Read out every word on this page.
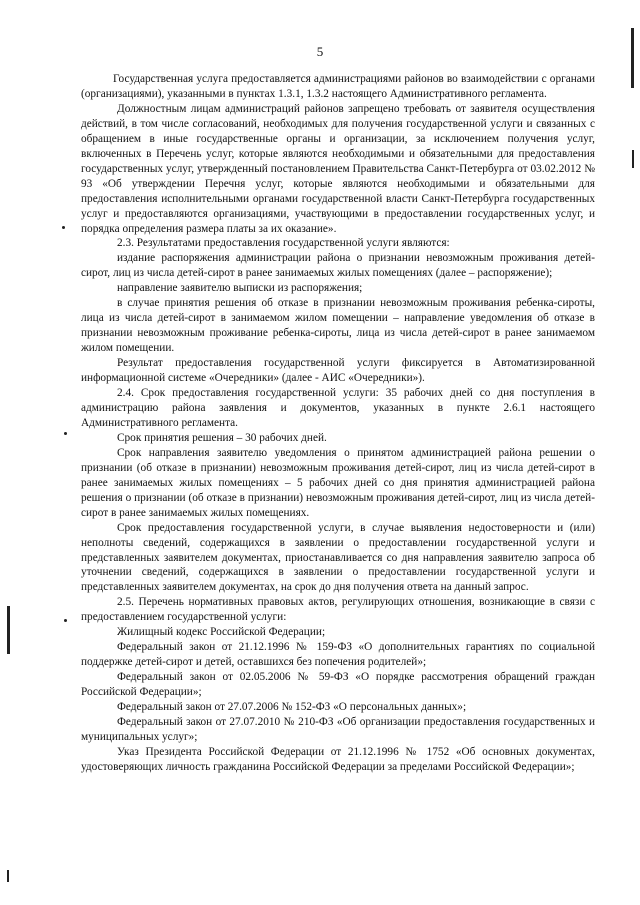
5

Государственная услуга предоставляется администрациями районов во взаимодействии с органами (организациями), указанными в пунктах 1.3.1, 1.3.2 настоящего Административного регламента.

Должностным лицам администраций районов запрещено требовать от заявителя осуществления действий, в том числе согласований, необходимых для получения государственной услуги и связанных с обращением в иные государственные органы и организации, за исключением получения услуг, включенных в Перечень услуг, которые являются необходимыми и обязательными для предоставления государственных услуг, утвержденный постановлением Правительства Санкт-Петербурга от 03.02.2012 № 93 «Об утверждении Перечня услуг, которые являются необходимыми и обязательными для предоставления исполнительными органами государственной власти Санкт-Петербурга государственных услуг и предоставляются организациями, участвующими в предоставлении государственных услуг, и порядка определения размера платы за их оказание».

2.3. Результатами предоставления государственной услуги являются:

издание распоряжения администрации района о признании невозможным проживания детей-сирот, лиц из числа детей-сирот в ранее занимаемых жилых помещениях (далее – распоряжение);

направление заявителю выписки из распоряжения;

в случае принятия решения об отказе в признании невозможным проживания ребенка-сироты, лица из числа детей-сирот в занимаемом жилом помещении – направление уведомления об отказе в признании невозможным проживание ребенка-сироты, лица из числа детей-сирот в ранее занимаемом жилом помещении.

Результат предоставления государственной услуги фиксируется в Автоматизированной информационной системе «Очередники» (далее - АИС «Очередники»).

2.4. Срок предоставления государственной услуги: 35 рабочих дней со дня поступления в администрацию района заявления и документов, указанных в пункте 2.6.1 настоящего Административного регламента.

Срок принятия решения – 30 рабочих дней.

Срок направления заявителю уведомления о принятом администрацией района решении о признании (об отказе в признании) невозможным проживания детей-сирот, лиц из числа детей-сирот в ранее занимаемых жилых помещениях – 5 рабочих дней со дня принятия администрацией района решения о признании (об отказе в признании) невозможным проживания детей-сирот, лиц из числа детей-сирот в ранее занимаемых жилых помещениях.

Срок предоставления государственной услуги, в случае выявления недостоверности и (или) неполноты сведений, содержащихся в заявлении о предоставлении государственной услуги и представленных заявителем документах, приостанавливается со дня направления заявителю запроса об уточнении сведений, содержащихся в заявлении о предоставлении государственной услуги и представленных заявителем документах, на срок до дня получения ответа на данный запрос.

2.5. Перечень нормативных правовых актов, регулирующих отношения, возникающие в связи с предоставлением государственной услуги:

Жилищный кодекс Российской Федерации;

Федеральный закон от 21.12.1996 № 159-ФЗ «О дополнительных гарантиях по социальной поддержке детей-сирот и детей, оставшихся без попечения родителей»;

Федеральный закон от 02.05.2006 № 59-ФЗ «О порядке рассмотрения обращений граждан Российской Федерации»;

Федеральный закон от 27.07.2006 № 152-ФЗ «О персональных данных»;

Федеральный закон от 27.07.2010 № 210-ФЗ «Об организации предоставления государственных и муниципальных услуг»;

Указ Президента Российской Федерации от 21.12.1996 № 1752 «Об основных документах, удостоверяющих личность гражданина Российской Федерации за пределами Российской Федерации»;
